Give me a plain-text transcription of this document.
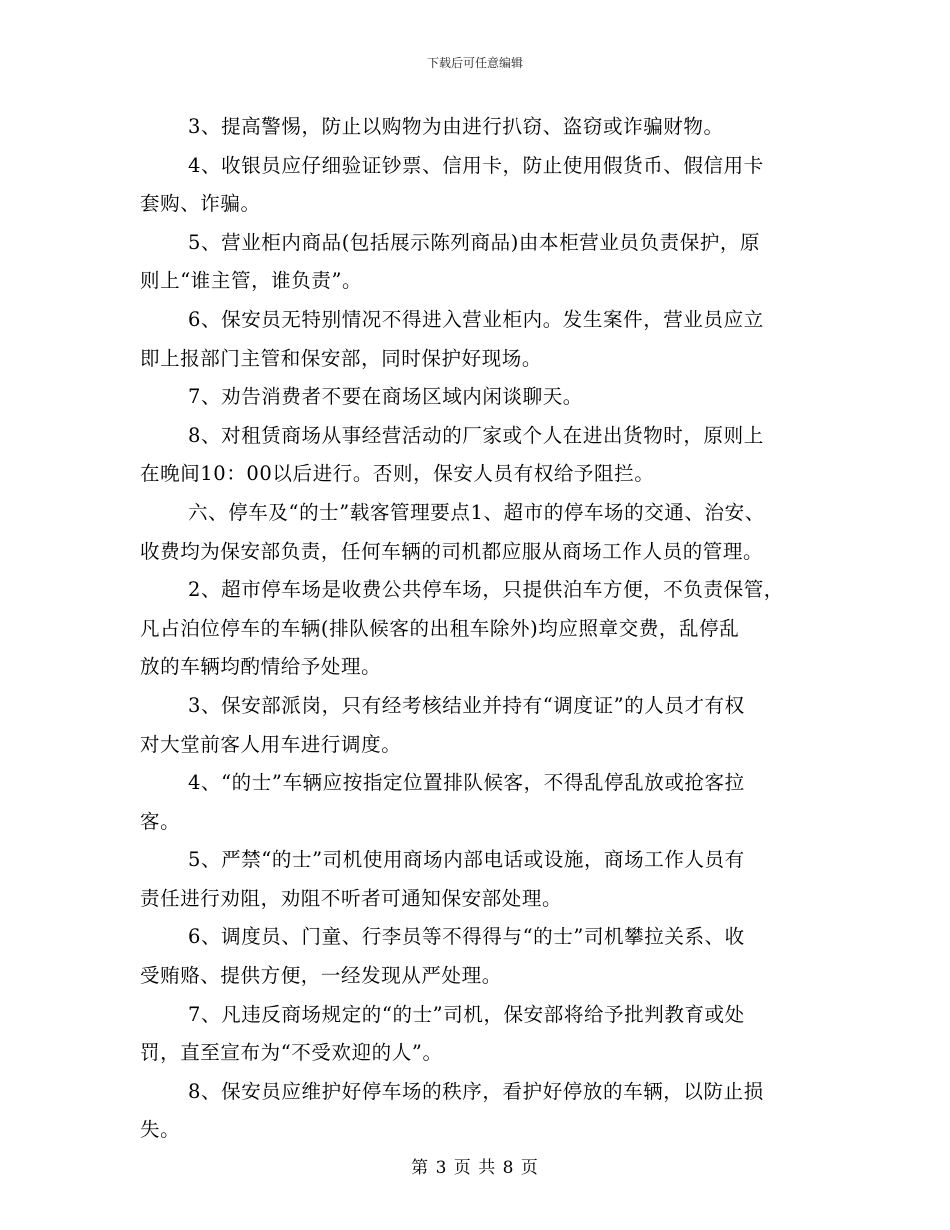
下载后可任意编辑

3、提高警惕，防止以购物为由进行扒窃、盗窃或诈骗财物。

4、收银员应仔细验证钞票、信用卡，防止使用假货币、假信用卡
套购、诈骗。

5、营业柜内商品(包括展示陈列商品)由本柜营业员负责保护，原
则上“谁主管，谁负责”。

6、保安员无特别情况不得进入营业柜内。发生案件，营业员应立
即上报部门主管和保安部，同时保护好现场。

7、劝告消费者不要在商场区域内闲谈聊天。

8、对租赁商场从事经营活动的厂家或个人在进出货物时，原则上
在晚间10：00以后进行。否则，保安人员有权给予阻拦。

六、停车及“的士”载客管理要点1、超市的停车场的交通、治安、
收费均为保安部负责，任何车辆的司机都应服从商场工作人员的管理。

2、超市停车场是收费公共停车场，只提供泊车方便，不负责保管，
凡占泊位停车的车辆(排队候客的出租车除外)均应照章交费，乱停乱
放的车辆均酌情给予处理。

3、保安部派岗，只有经考核结业并持有“调度证”的人员才有权
对大堂前客人用车进行调度。

4、“的士”车辆应按指定位置排队候客，不得乱停乱放或抢客拉
客。

5、严禁“的士”司机使用商场内部电话或设施，商场工作人员有
责任进行劝阻，劝阻不听者可通知保安部处理。

6、调度员、门童、行李员等不得得与“的士”司机攀拉关系、收
受贿赂、提供方便，一经发现从严处理。

7、凡违反商场规定的“的士”司机，保安部将给予批判教育或处
罚，直至宣布为“不受欢迎的人”。

8、保安员应维护好停车场的秩序，看护好停放的车辆，以防止损
失。

第 3 页 共 8 页
